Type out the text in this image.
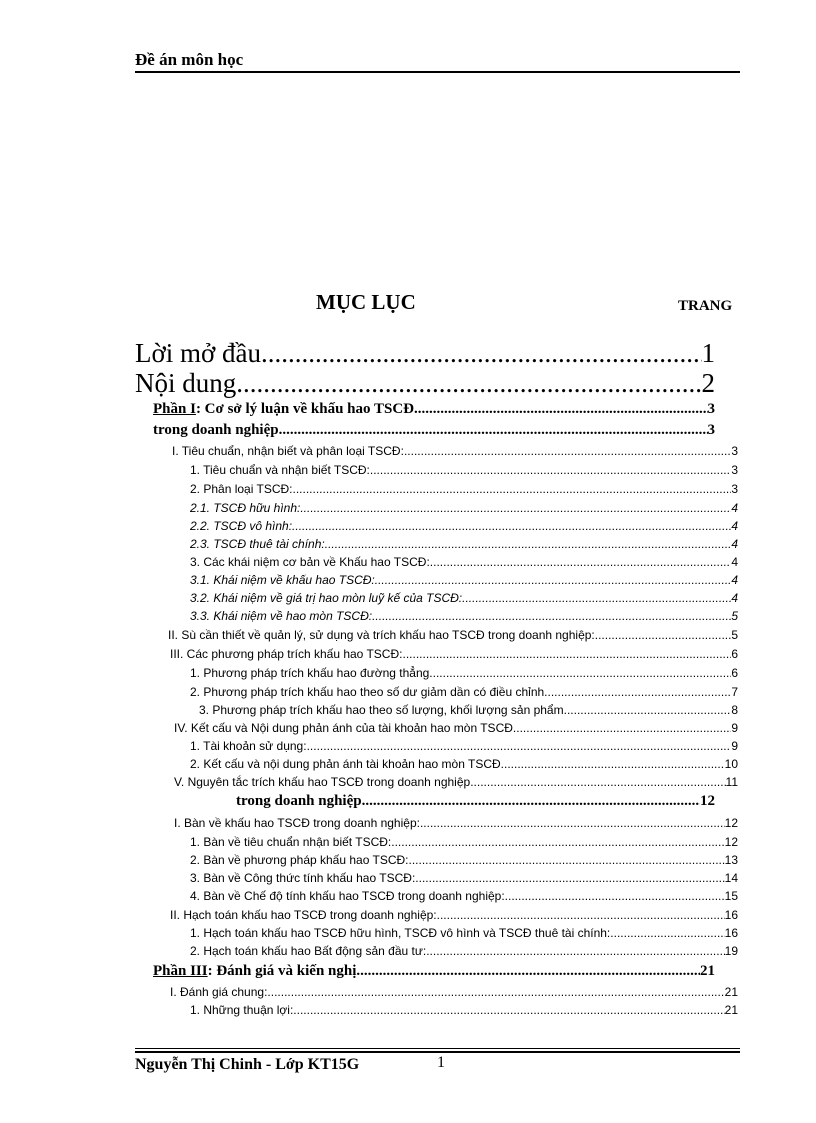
Đề án môn học
MỤC LỤC	TRANG
Lời mở đầu .....	1
Nội dung .....	2
Phần I: Cơ sở lý luận về khấu hao TSCĐ .....	3
trong doanh nghiệp .....	3
I. Tiêu chuẩn, nhận biết và phân loại TSCĐ: .....	3
1. Tiêu chuẩn và nhận biết TSCĐ: .....	3
2. Phân loại TSCĐ: .....	3
2.1. TSCĐ hữu hình: .....	4
2.2. TSCĐ vô hình: .....	4
2.3. TSCĐ thuê tài chính: .....	4
3. Các khái niệm cơ bản về Khấu hao TSCĐ: .....	4
3.1. Khái niệm về khấu hao TSCĐ: .....	4
3.2. Khái niệm về giá trị hao mòn luỹ kế của TSCĐ: .....	4
3.3. Khái niệm về hao mòn TSCĐ: .....	5
II. Sù cần thiết về quản lý, sử dụng và trích khấu hao TSCĐ trong doanh nghiệp: .....	5
III. Các phương pháp trích khấu hao TSCĐ: .....	6
1. Phương pháp trích khấu hao đường thẳng. .....	6
2. Phương pháp trích khấu hao theo số dư giảm dần có điều chỉnh. .....	7
3. Phương pháp trích khấu hao theo số lượng, khối lượng sản phẩm. .....	8
IV. Kết cấu và Nội dung phản ánh của tài khoản hao mòn TSCĐ. .....	9
1. Tài khoản sử dụng: .....	9
2. Kết cấu và nội dung phản ánh tài khoản hao mòn TSCĐ. .....	10
V. Nguyên tắc trích khấu hao TSCĐ trong doanh nghiệp. .....	11
trong doanh nghiệp .....	12
I. Bàn về khấu hao TSCĐ trong doanh nghiệp: .....	12
1. Bàn về tiêu chuẩn nhận biết TSCĐ: .....	12
2. Bàn về phương pháp khấu hao TSCĐ: .....	13
3. Bàn về Công thức tính khấu hao TSCĐ: .....	14
4. Bàn về Chế độ tính khấu hao TSCĐ trong doanh nghiệp: .....	15
II. Hạch toán khấu hao TSCĐ trong doanh nghiệp: .....	16
1. Hạch toán khấu hao TSCĐ hữu hình, TSCĐ vô hình và TSCĐ thuê tài chính: .....	16
2. Hạch toán khấu hao Bất động sản đầu tư: .....	19
Phần III: Đánh giá và kiến nghị .....	21
I. Đánh giá chung: .....	21
1. Những thuận lợi: .....	21
Nguyễn Thị Chinh - Lớp KT15G	1
